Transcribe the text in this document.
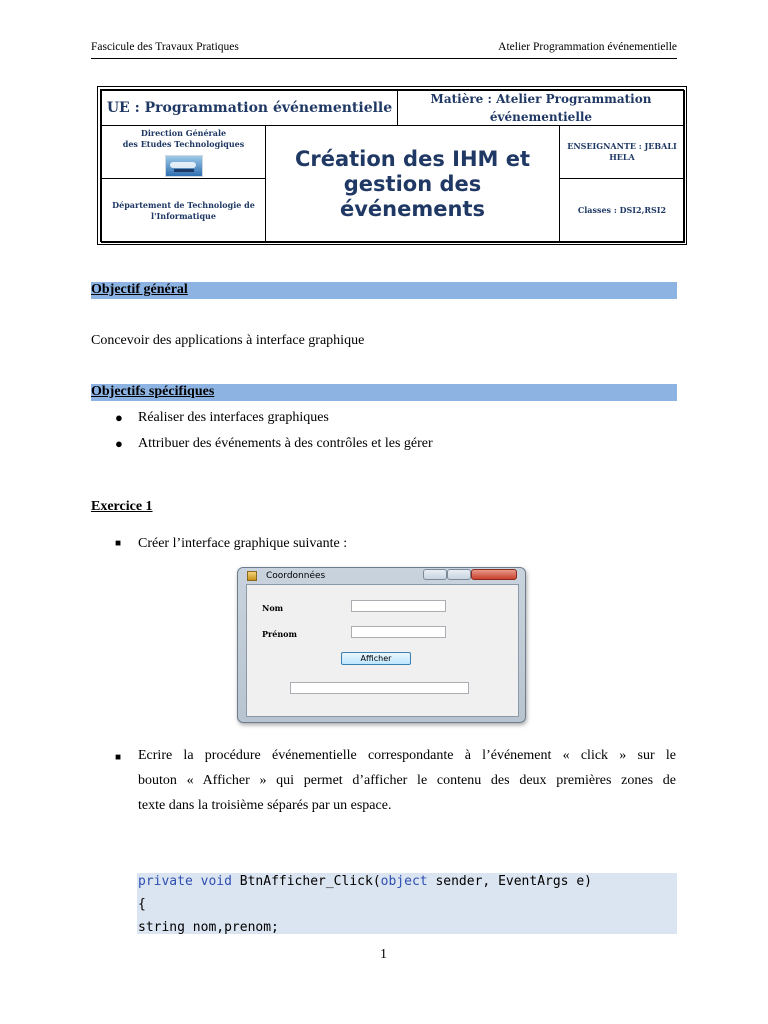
Fascicule des Travaux Pratiques	Atelier Programmation événementielle
UE : Programmation événementielle
Matière : Atelier Programmation
événementielle
Direction Générale
des Etudes Technologiques
Département de Technologie de
l'Informatique
Création des IHM et
gestion des
événements
ENSEIGNANTE : JEBALI
HELA
Classes : DSI2,RSI2
Objectif général
Concevoir des applications à interface graphique
Objectifs spécifiques
● Réaliser des interfaces graphiques
● Attribuer des événements à des contrôles et les gérer
Exercice 1
■ Créer l’interface graphique suivante :
Coordonnées
Nom
Prénom
Afficher
■ Ecrire la procédure événementielle correspondante à l’événement « click » sur le
bouton « Afficher » qui permet d’afficher le contenu des deux premières zones de
texte dans la troisième séparés par un espace.
private void BtnAfficher_Click(object sender, EventArgs e)
{
string nom,prenom;
1
